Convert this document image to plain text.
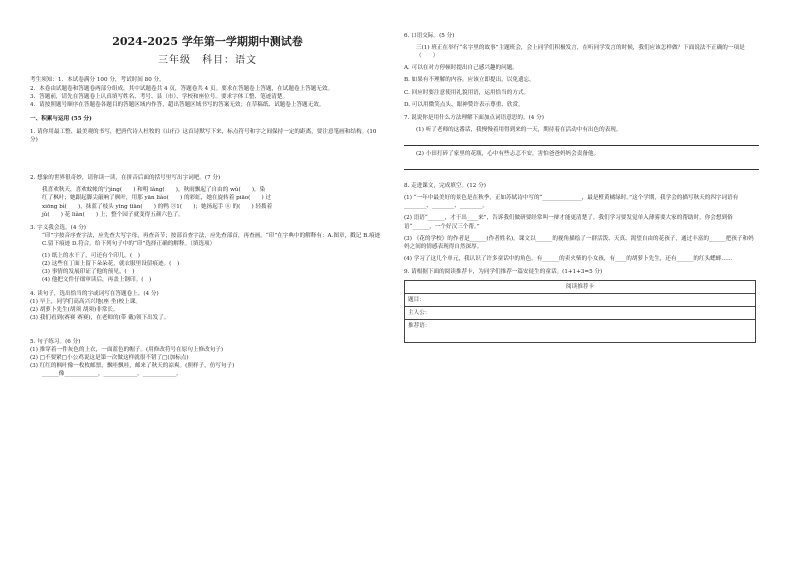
2024-2025 学年第一学期期中测试卷
三年级　科目：语文

考生须知：1．本试卷满分 100 分，考试时间 80 分。

2．本卷由试题卷和答题卷两部分组成，其中试题卷共 4 页，答题卷共 4 页。要求在答题卷上答题，在试题卷上答题无效。

3．答题前，请先在答题卷上认真填写姓名、考号、县（市）、学校和座位号。要求字体工整、笔迹清楚。

4．请按照题号顺序在答题卷各题目的答题区域内作答，超出答题区域书写的答案无效；在草稿纸、试题卷上答题无效。

一、积累与运用 (55 分)

1. 请你用最工整、最美观的书写，把唐代诗人杜牧的《山行》这首诗默写下来，标点符号和字之间保持一定的距离，要注意笔画和结构。(10 分)

2. 想象的世界很奇妙，请你读一读，在拼音后面的括号里写出字词吧。(7 分)

我喜欢秋天，喜欢蚊帐的宁jìng(　　) 和明 lǎng(　　)，秋雨飘起了自由的 wǔ(　　)，染

红了枫叶；她跟起脚尖敲响了枫叶，用那 yān liǎo(　　) 的彩虹，她在旋转着 piāo(　　) 过

xiōng bì(　　)，抹蓝了枝头 yīng tiān(　　) 的鸭 ③1(　　)；她扬起手 ⑥ 的(　　) 轻拨着

jǔ(　　) 花 liǎn(　　) 上，整个园子就变得五颜六色了。

3. 字义我会选。(4 分)

“印”字按音序查字法，应先查大写字母，再查音节；按部首查字法，应先查部首，再查画。“印”在字典中的解释有：A.图章，戳记 B.痕迹 C.留下痕迹 D.符合。给下列句子中的“印”选择正确的解释。（填选项）

(1) 纸上的水干了，可还有个印儿。(　)

(2) 这些在丁面上留下朵朵花，就衣服里设留痕迹。(　)

(3) 事情的发展印证了他的预见。(　)

(4) 他把文件仔细审读后，再盖上钢印。(　)

4. 读句子，选出恰当的字或词写在答题卷上。(4 分)

(1) 早上，同学们高高兴兴地(座 坐)校上课。

(2) 胡萝卜先生(胡须 胡须)非常长。

(3) 我们看到(赛赛 赛赛)，在老师的(带 戴)领下出发了。

5. 句子练习。(6 分)

(1) 推穿着一件灰色的上衣，一面蓝色的帽子。(用修改符号在原句上修改句子)

(2) □不要紧□小公鸡说这是第一次做这样就很不错了□(加标点)

(3) 红红的枫叶像一枚枚邮票，飘哇飘哇，邮来了秋天的凉爽。(照样子，仿写句子)

______像____________，____________，____________。

6. 口语交际。(5 分)

三(1) 班正在举行“名字里的故事”主题班会，会上同学们积极发言，在听同学发言的时候，我们应该怎样做？下面说法不正确的一项是（　　）

A. 可以在对方停顿时提出自己感兴趣的问题。

B. 如果有不理解的内容，应该立即提出，以免遗忘。

C. 回应时要注意使用礼貌用语，运用恰当的方式。

D. 可以用微笑点头、眼神赞许表示尊重、欣赏。

7. 说说你是用什么方法理解下面加点词语意思的。(4 分)

(1) 听了老师的这番话，我慢慢着用得到来的一天，期待着在活动中有出色的表现。

(2) 小田打碎了家里的花瓶，心中有些忐忑不安，害怕爸爸妈妈会责备他。

8. 走进课文，完成填空。(12 分)

(1) “一年中最美好的景色是在秋季，正如苏轼诗中写的“______________，最是橙黄橘绿时。”这个学期，我学会的描写秋天的四字词语有________、________、________。

(2) 语语“______，才干出____来”，告诉我们做研要经常叫一辩才能更清楚了。我们学习要发觉单入薄雾要大家的帮助时，你会想到俗语“______，一个好汉三个帮。”

(3) 《花的学校》的作者是______(作者姓名)。课文以______的视角描绘了一群活泼、天真、渴望自由的花孩子，通过丰富的______把孩子和妈妈之间的情感表现得自然深厚。

(4) 学习了这几个单元，我认识了许多童话中的角色，有______的卖火柴的小女孩，有____的胡萝卜先生，还有______的红头蟋蟀……

9. 请根据下面的阅读推荐卡，为同学们推荐一篇安徒生的童话。(1+1+3=5 分)

阅读推荐卡
题目：
主人公：
推荐语：
